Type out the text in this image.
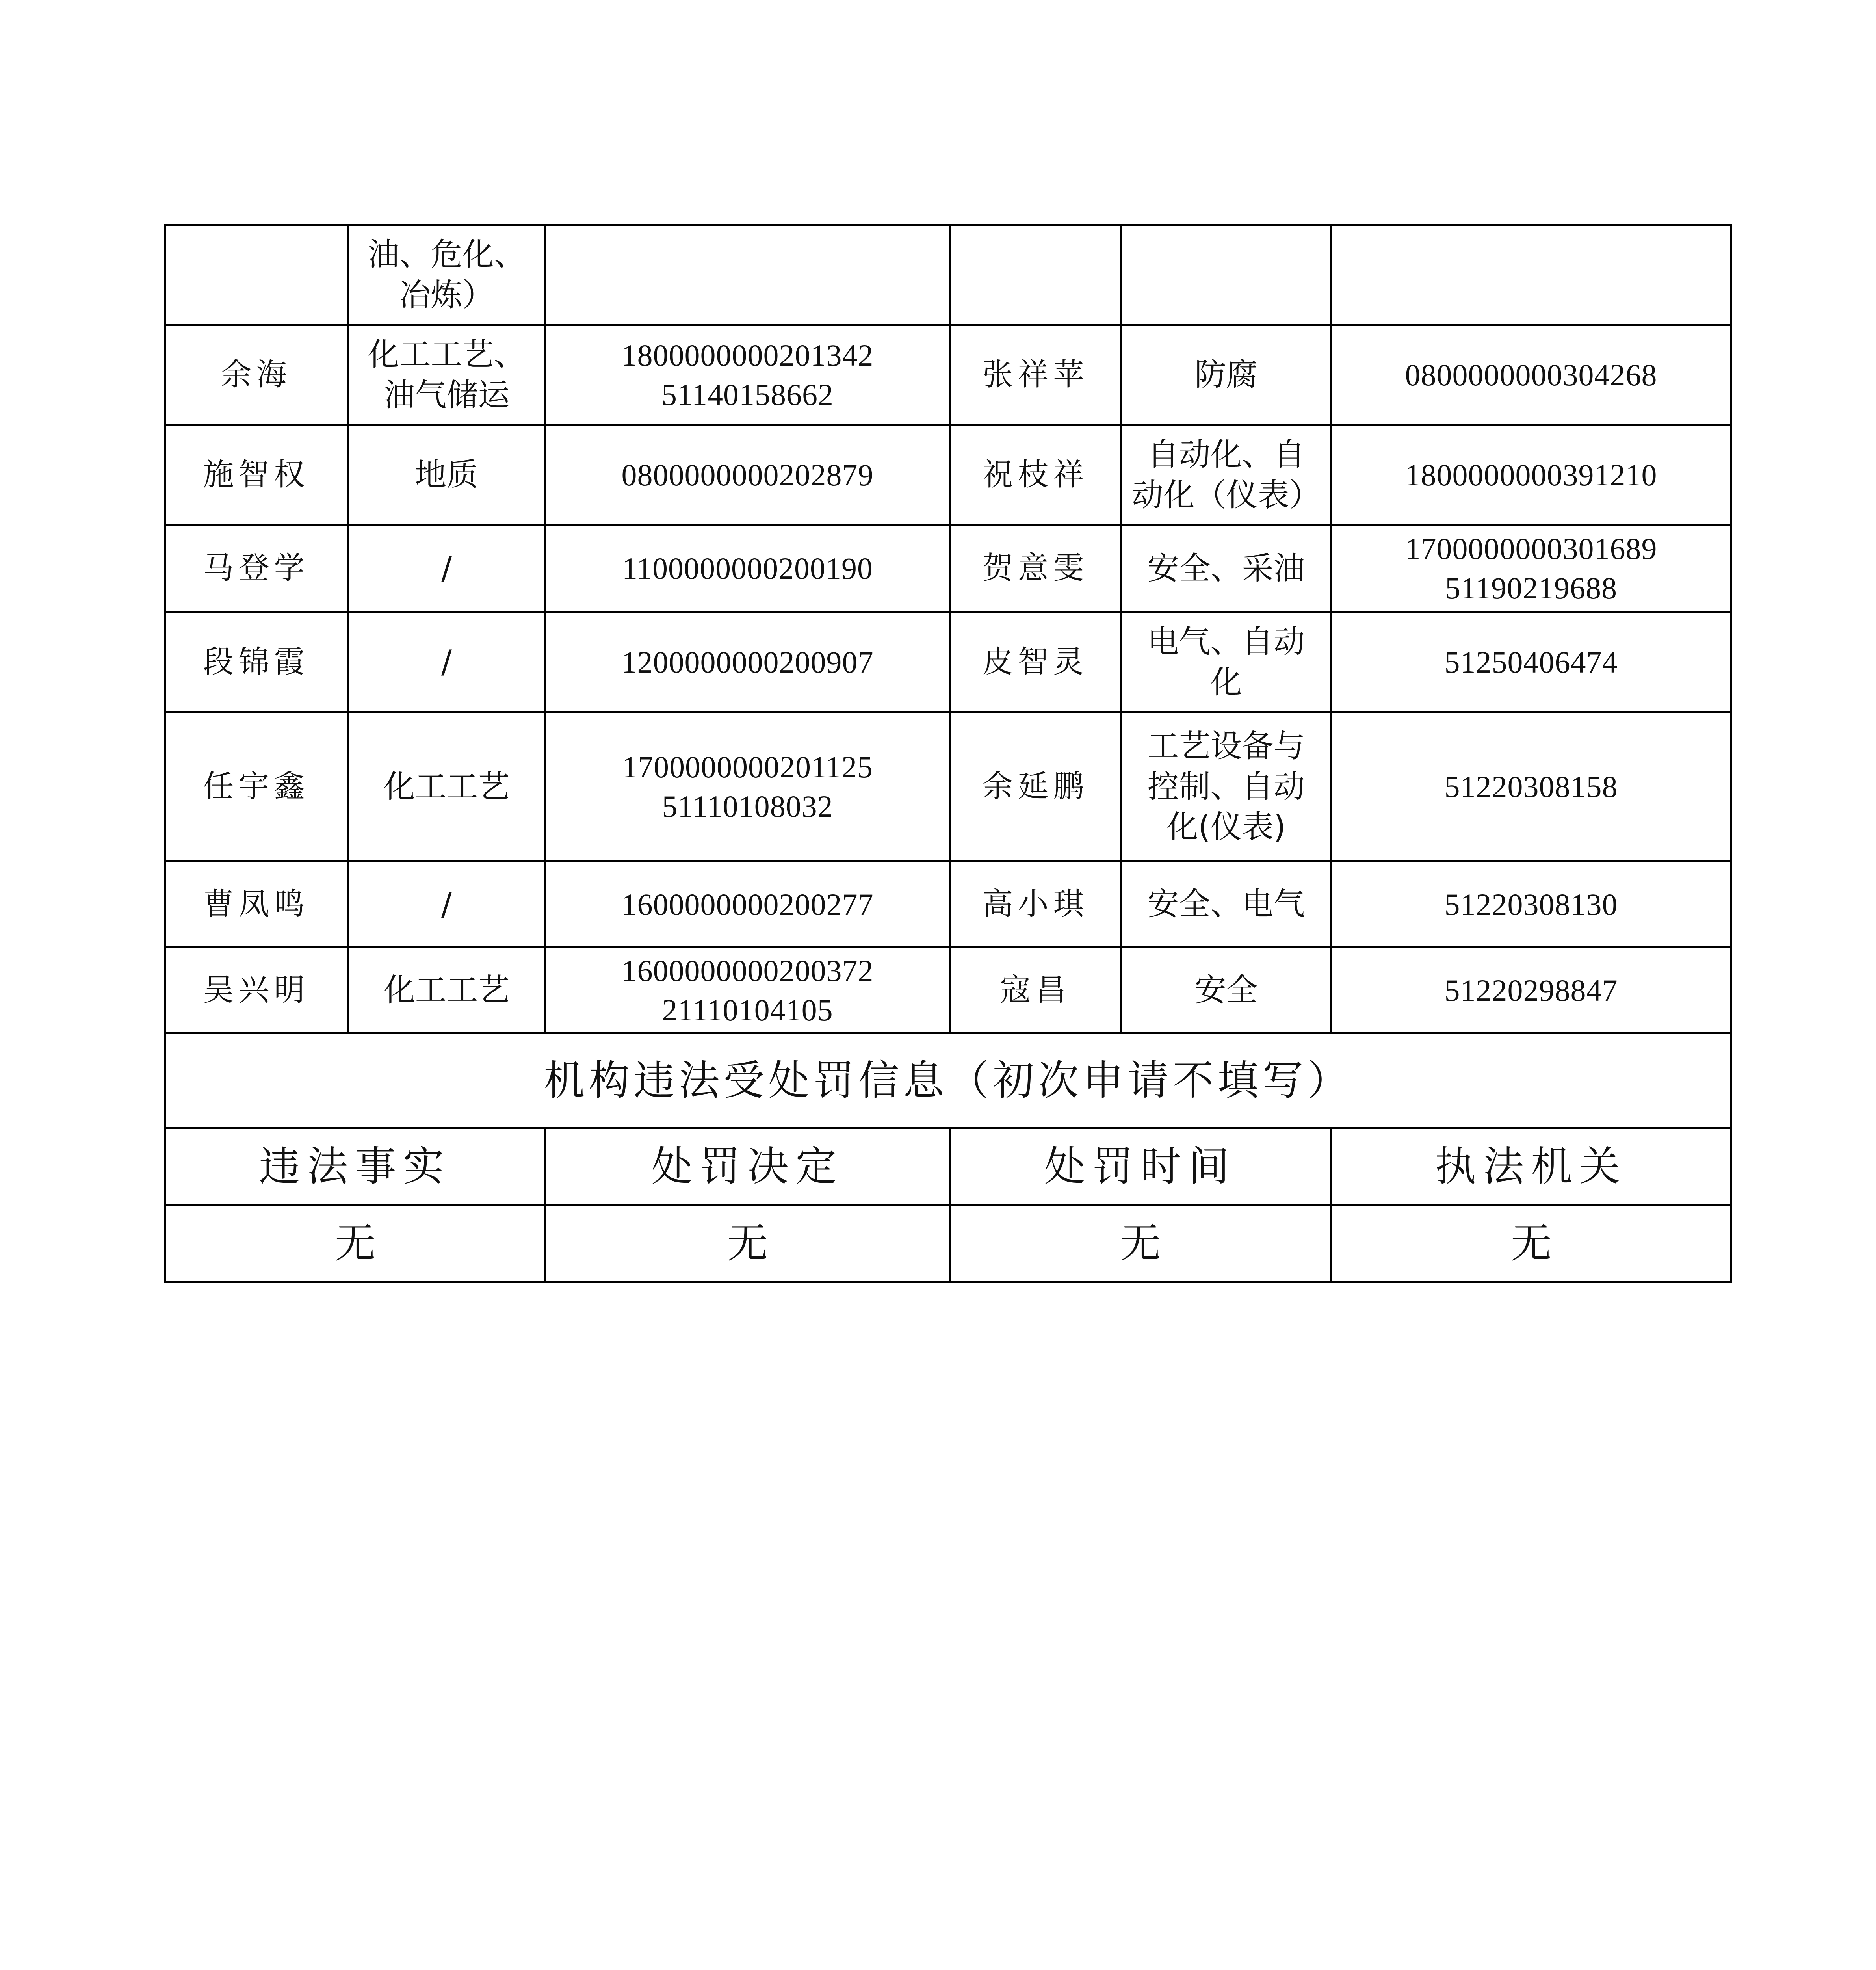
	油、危化、
冶炼）				

余海	化工工艺、
油气储运	1800000000201342
51140158662	张祥苹	防腐	0800000000304268

施智权	地质	0800000000202879	祝枝祥	自动化、自
动化（仪表）	1800000000391210

马登学	/	1100000000200190	贺意雯	安全、采油	1700000000301689
51190219688

段锦霞	/	1200000000200907	皮智灵	电气、自动
化	51250406474

任宇鑫	化工工艺	1700000000201125
51110108032	余延鹏	工艺设备与
控制、自动
化(仪表)	51220308158

曹凤鸣	/	1600000000200277	高小琪	安全、电气	51220308130

吴兴明	化工工艺	1600000000200372
21110104105	寇昌	安全	51220298847

机构违法受处罚信息（初次申请不填写）					
违法事实		处罚决定	处罚时间		执法机关
无		无	无		无
